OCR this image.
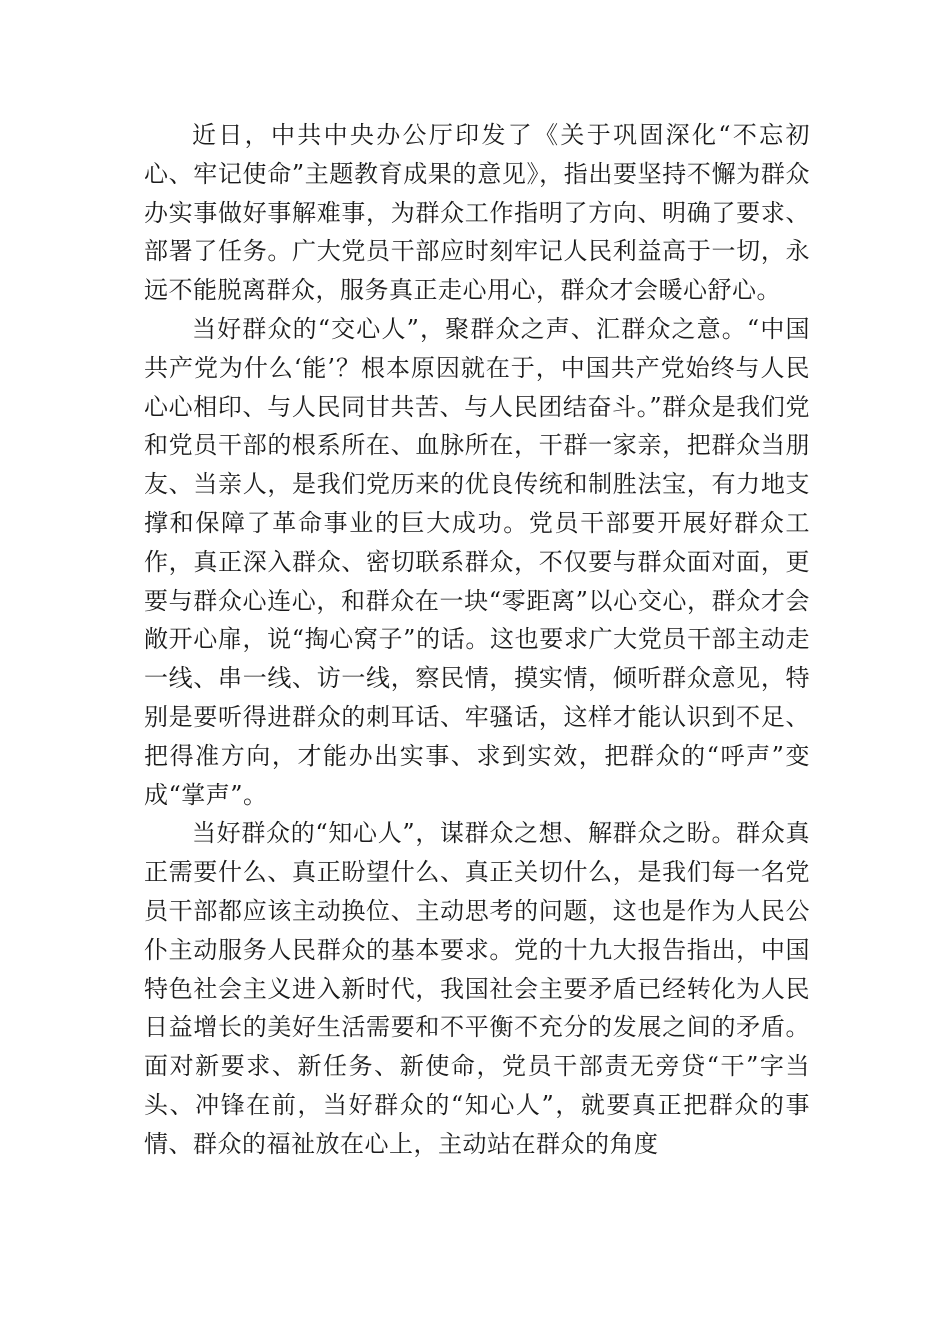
近日，中共中央办公厅印发了《关于巩固深化“不忘初心、牢记使命”主题教育成果的意见》，指出要坚持不懈为群众办实事做好事解难事，为群众工作指明了方向、明确了要求、部署了任务。广大党员干部应时刻牢记人民利益高于一切，永远不能脱离群众，服务真正走心用心，群众才会暖心舒心。

当好群众的“交心人”，聚群众之声、汇群众之意。“中国共产党为什么‘能’？根本原因就在于，中国共产党始终与人民心心相印、与人民同甘共苦、与人民团结奋斗。”群众是我们党和党员干部的根系所在、血脉所在，干群一家亲，把群众当朋友、当亲人，是我们党历来的优良传统和制胜法宝，有力地支撑和保障了革命事业的巨大成功。党员干部要开展好群众工作，真正深入群众、密切联系群众，不仅要与群众面对面，更要与群众心连心，和群众在一块“零距离”以心交心，群众才会敞开心扉，说“掏心窝子”的话。这也要求广大党员干部主动走一线、串一线、访一线，察民情，摸实情，倾听群众意见，特别是要听得进群众的刺耳话、牢骚话，这样才能认识到不足、把得准方向，才能办出实事、求到实效，把群众的“呼声”变成“掌声”。

当好群众的“知心人”，谋群众之想、解群众之盼。群众真正需要什么、真正盼望什么、真正关切什么，是我们每一名党员干部都应该主动换位、主动思考的问题，这也是作为人民公仆主动服务人民群众的基本要求。党的十九大报告指出，中国特色社会主义进入新时代，我国社会主要矛盾已经转化为人民日益增长的美好生活需要和不平衡不充分的发展之间的矛盾。面对新要求、新任务、新使命，党员干部责无旁贷“干”字当头、冲锋在前，当好群众的“知心人”，就要真正把群众的事情、群众的福祉放在心上，主动站在群众的角度
